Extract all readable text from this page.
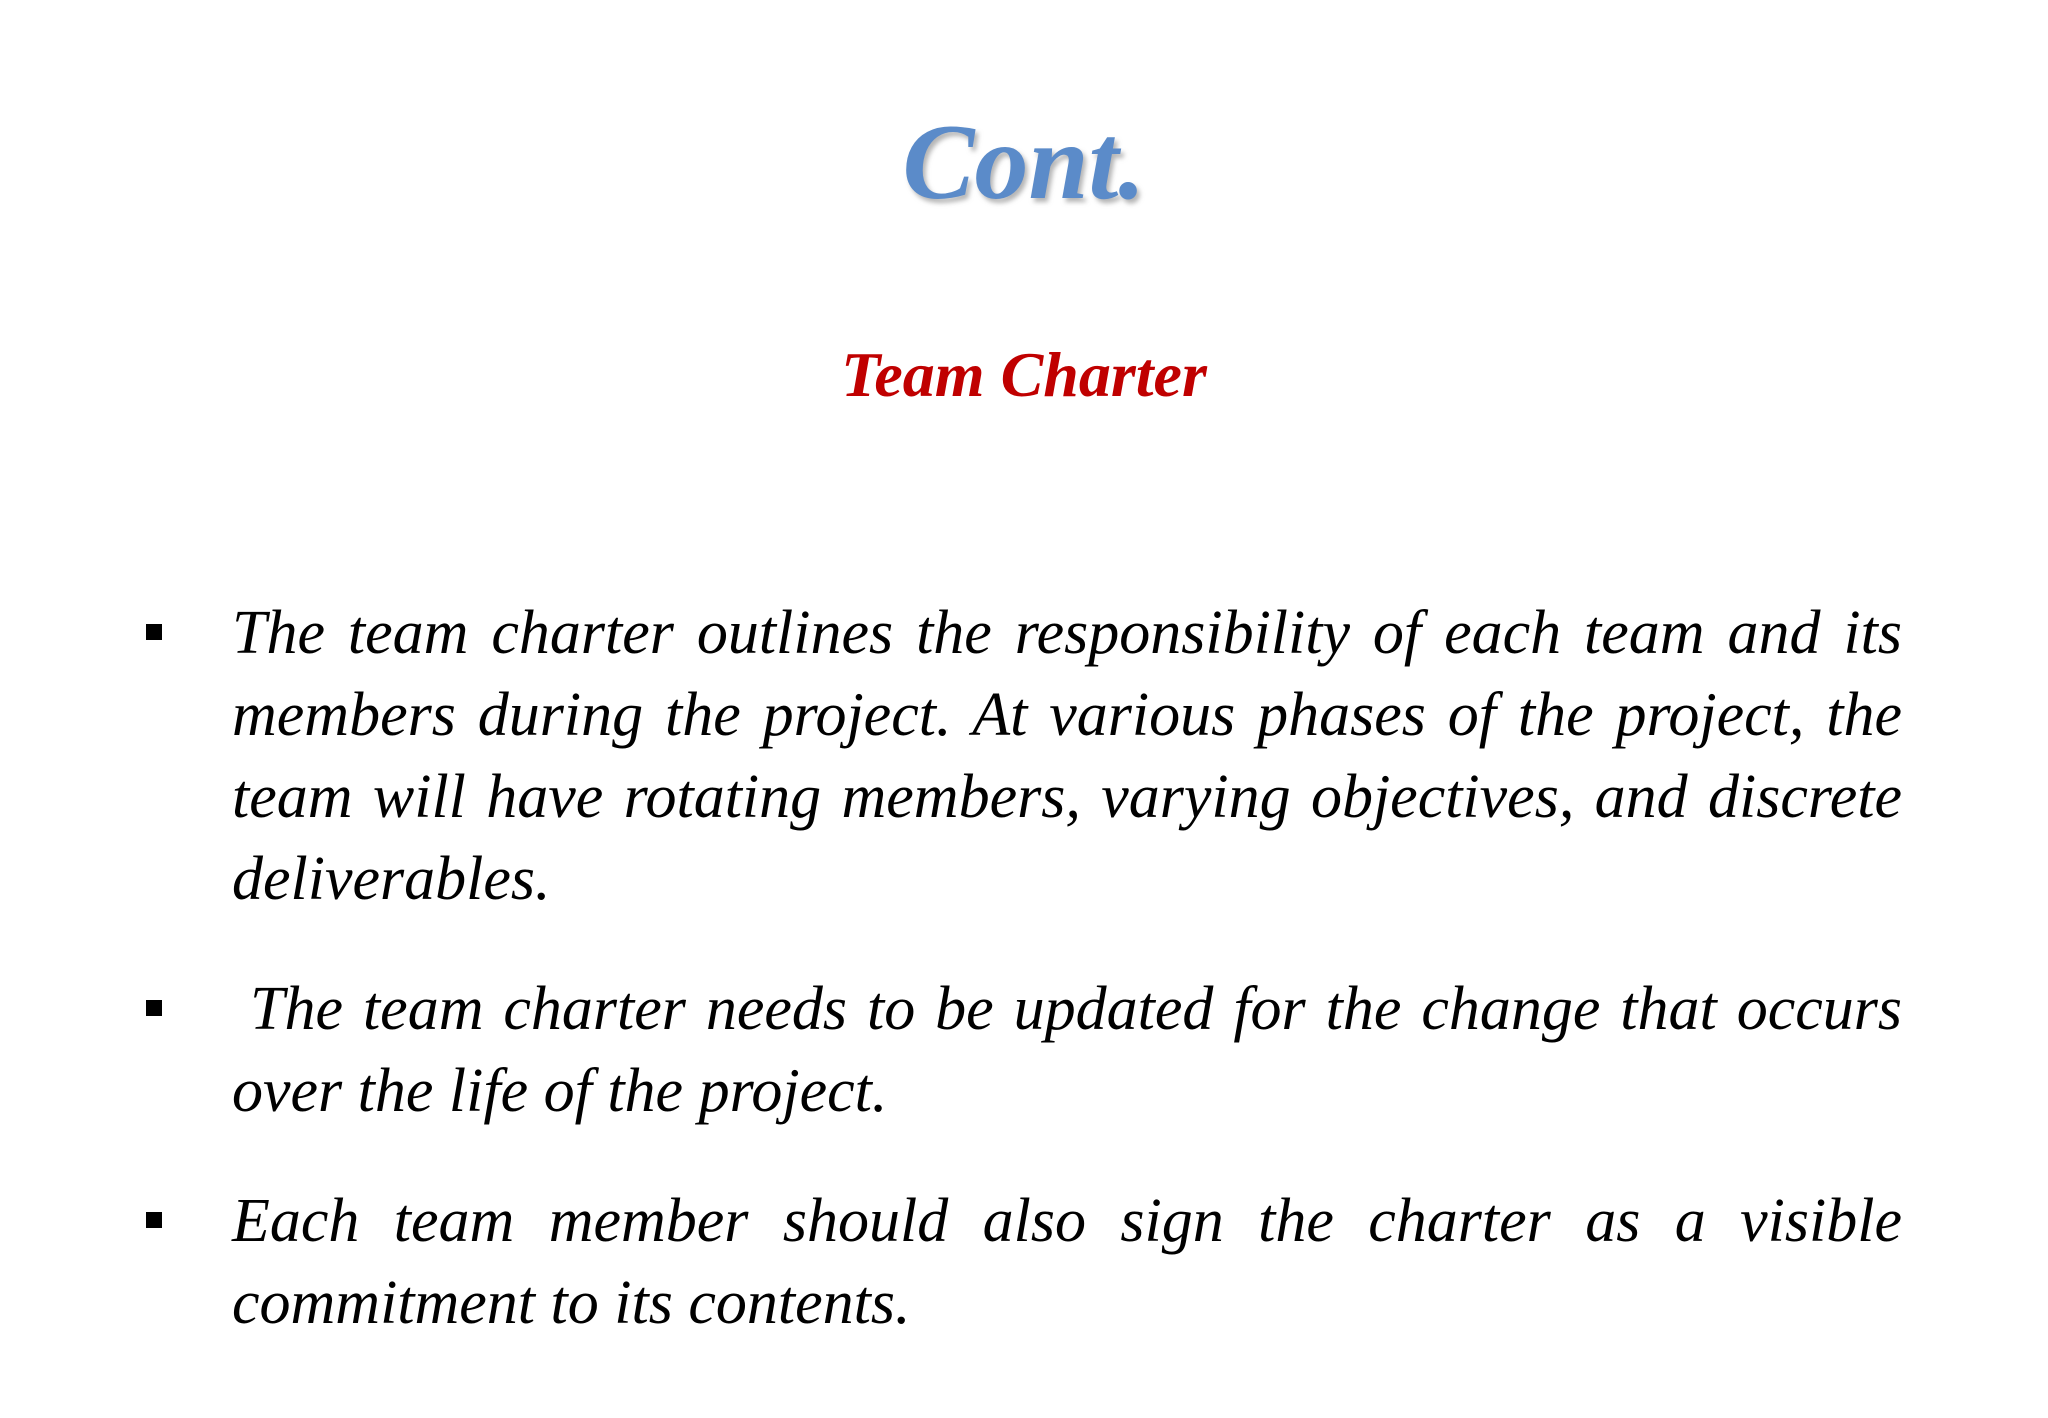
Cont.
Team Charter
The team charter outlines the responsibility of each team and its members during the project. At various phases of the project, the team will have rotating members, varying objectives, and discrete deliverables.
The team charter needs to be updated for the change that occurs over the life of the project.
Each team member should also sign the charter as a visible commitment to its contents.
